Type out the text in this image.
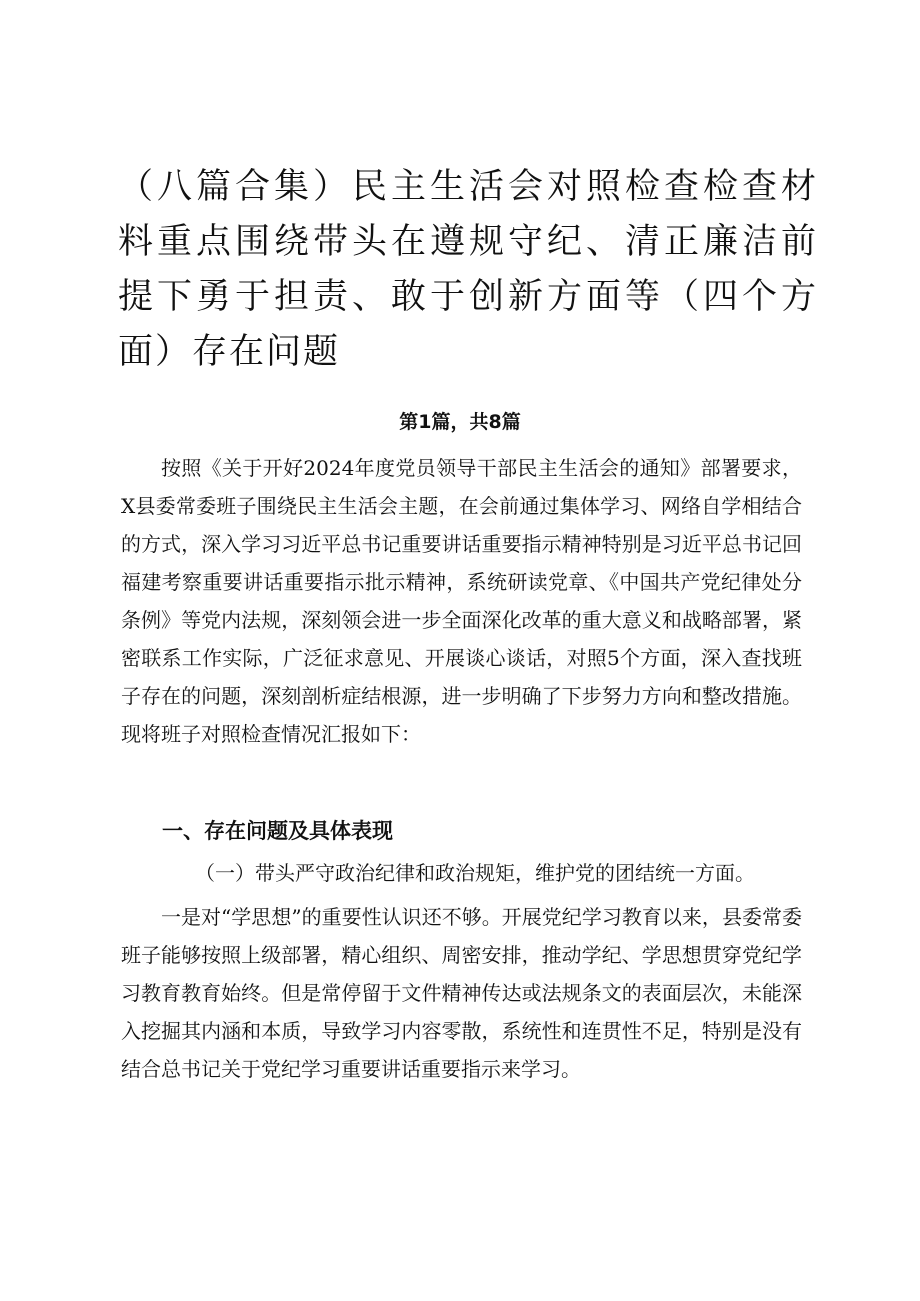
（八篇合集）民主生活会对照检查检查材料重点围绕带头在遵规守纪、清正廉洁前提下勇于担责、敢于创新方面等（四个方面）存在问题

第1篇，共8篇

按照《关于开好2024年度党员领导干部民主生活会的通知》部署要求，X县委常委班子围绕民主生活会主题，在会前通过集体学习、网络自学相结合的方式，深入学习习近平总书记重要讲话重要指示精神特别是习近平总书记回福建考察重要讲话重要指示批示精神，系统研读党章、《中国共产党纪律处分条例》等党内法规，深刻领会进一步全面深化改革的重大意义和战略部署，紧密联系工作实际，广泛征求意见、开展谈心谈话，对照5个方面，深入查找班子存在的问题，深刻剖析症结根源，进一步明确了下步努力方向和整改措施。现将班子对照检查情况汇报如下：

一、存在问题及具体表现

（一）带头严守政治纪律和政治规矩，维护党的团结统一方面。

一是对“学思想”的重要性认识还不够。开展党纪学习教育以来，县委常委班子能够按照上级部署，精心组织、周密安排，推动学纪、学思想贯穿党纪学习教育教育始终。但是常停留于文件精神传达或法规条文的表面层次，未能深入挖掘其内涵和本质，导致学习内容零散，系统性和连贯性不足，特别是没有结合总书记关于党纪学习重要讲话重要指示来学习。
